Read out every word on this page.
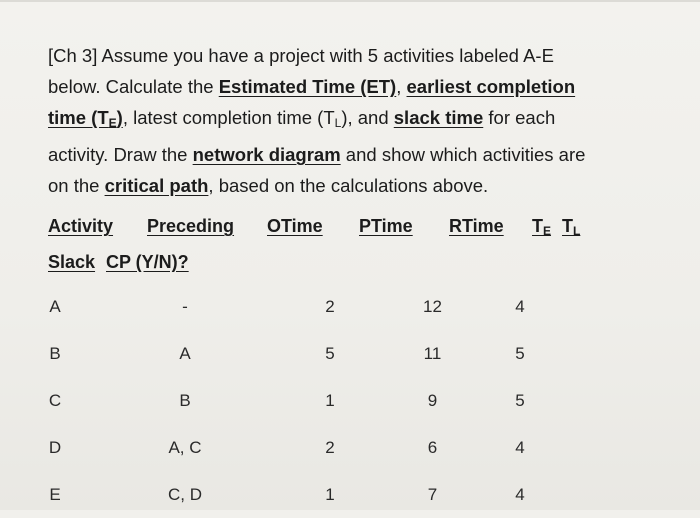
[Ch 3] Assume you have a project with 5 activities labeled A-E
below. Calculate the Estimated Time (ET), earliest completion
time $(T_E)$, latest completion time $(T_L)$, and slack time for each
activity. Draw the network diagram and show which activities are
on the critical path, based on the calculations above.
Activity	Preceding	OTime	PTime	RTime	$T_E$ $T_L$
Slack CP (Y/N)?
A	-	2	12	4
B	A	5	11	5
C	B	1	9	5
D	A, C	2	6	4
E	C, D	1	7	4
